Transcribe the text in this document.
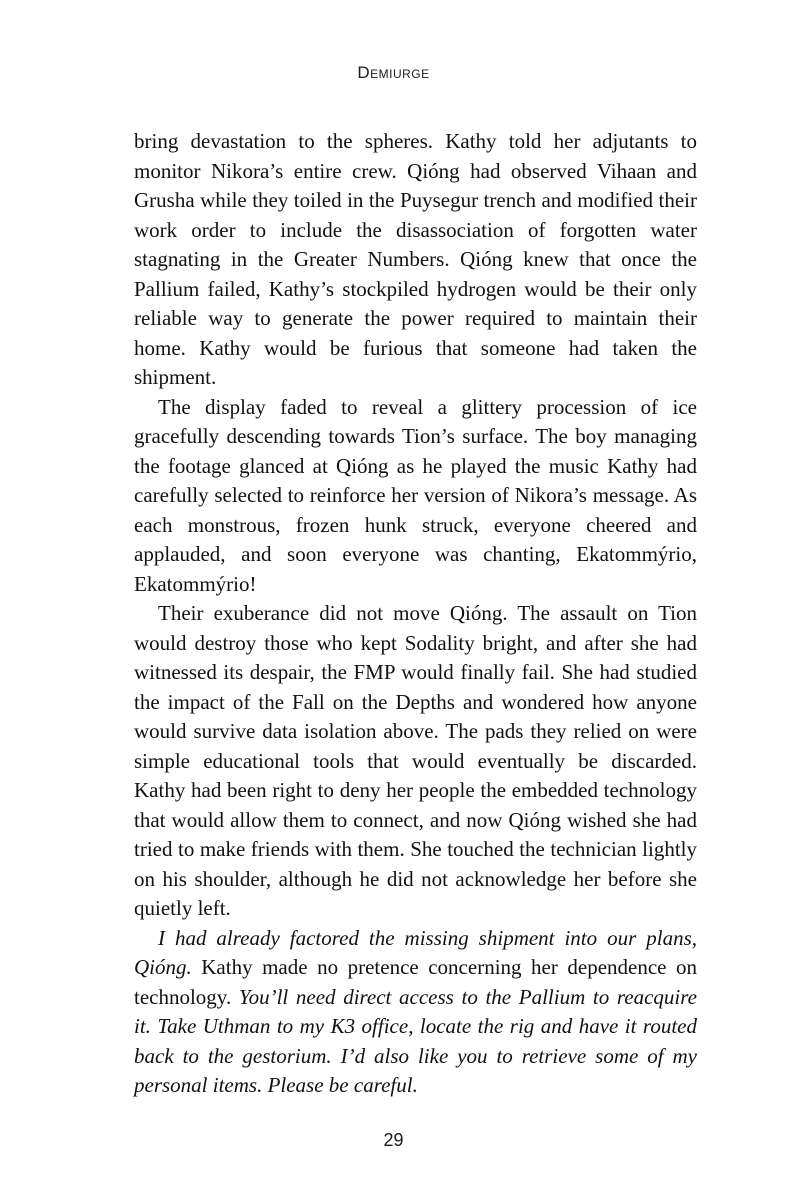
Demiurge

bring devastation to the spheres. Kathy told her adjutants to monitor Nikora’s entire crew. Qióng had observed Vihaan and Grusha while they toiled in the Puysegur trench and modified their work order to include the disassociation of forgotten water stagnating in the Greater Numbers. Qióng knew that once the Pallium failed, Kathy’s stockpiled hydrogen would be their only reliable way to generate the power required to maintain their home. Kathy would be furious that someone had taken the shipment.

The display faded to reveal a glittery procession of ice gracefully descending towards Tion’s surface. The boy managing the footage glanced at Qióng as he played the music Kathy had carefully selected to reinforce her version of Nikora’s message. As each monstrous, frozen hunk struck, everyone cheered and applauded, and soon everyone was chanting, Ekatommýrio, Ekatommýrio!

Their exuberance did not move Qióng. The assault on Tion would destroy those who kept Sodality bright, and after she had witnessed its despair, the FMP would finally fail. She had studied the impact of the Fall on the Depths and wondered how anyone would survive data isolation above. The pads they relied on were simple educational tools that would eventually be discarded. Kathy had been right to deny her people the embedded technology that would allow them to connect, and now Qióng wished she had tried to make friends with them. She touched the technician lightly on his shoulder, although he did not acknowledge her before she quietly left.

I had already factored the missing shipment into our plans, Qióng. Kathy made no pretence concerning her dependence on technology. You’ll need direct access to the Pallium to reacquire it. Take Uthman to my K3 office, locate the rig and have it routed back to the gestorium. I’d also like you to retrieve some of my personal items. Please be careful.

29
